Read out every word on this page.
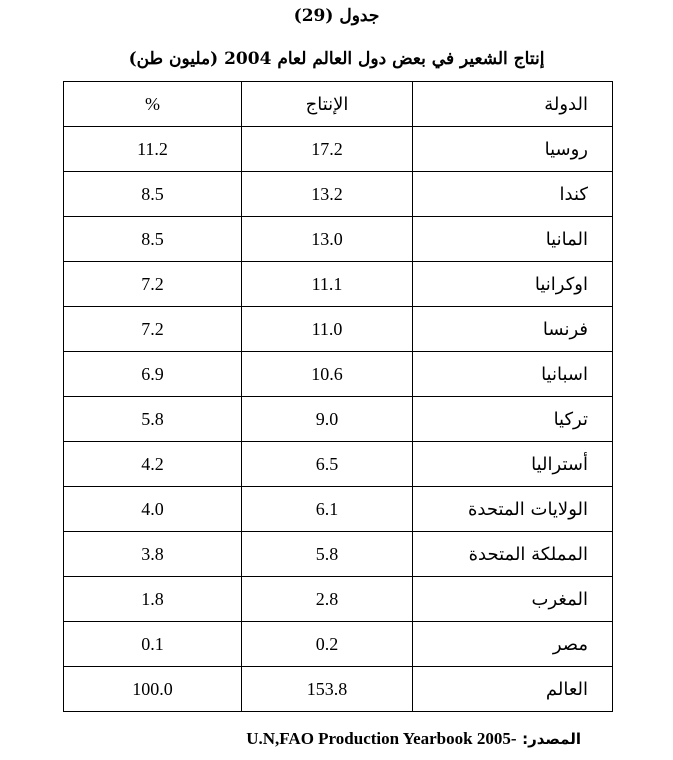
جدول (29)
إنتاج الشعير في بعض دول العالم لعام 2004 (مليون طن)
الدولة	الإنتاج	%
روسيا	17.2	11.2
كندا	13.2	8.5
المانيا	13.0	8.5
اوكرانيا	11.1	7.2
فرنسا	11.0	7.2
اسبانيا	10.6	6.9
تركيا	9.0	5.8
أستراليا	6.5	4.2
الولايات المتحدة	6.1	4.0
المملكة المتحدة	5.8	3.8
المغرب	2.8	1.8
مصر	0.2	0.1
العالم	153.8	100.0
المصدر: U.N,FAO Production Yearbook 2005-
